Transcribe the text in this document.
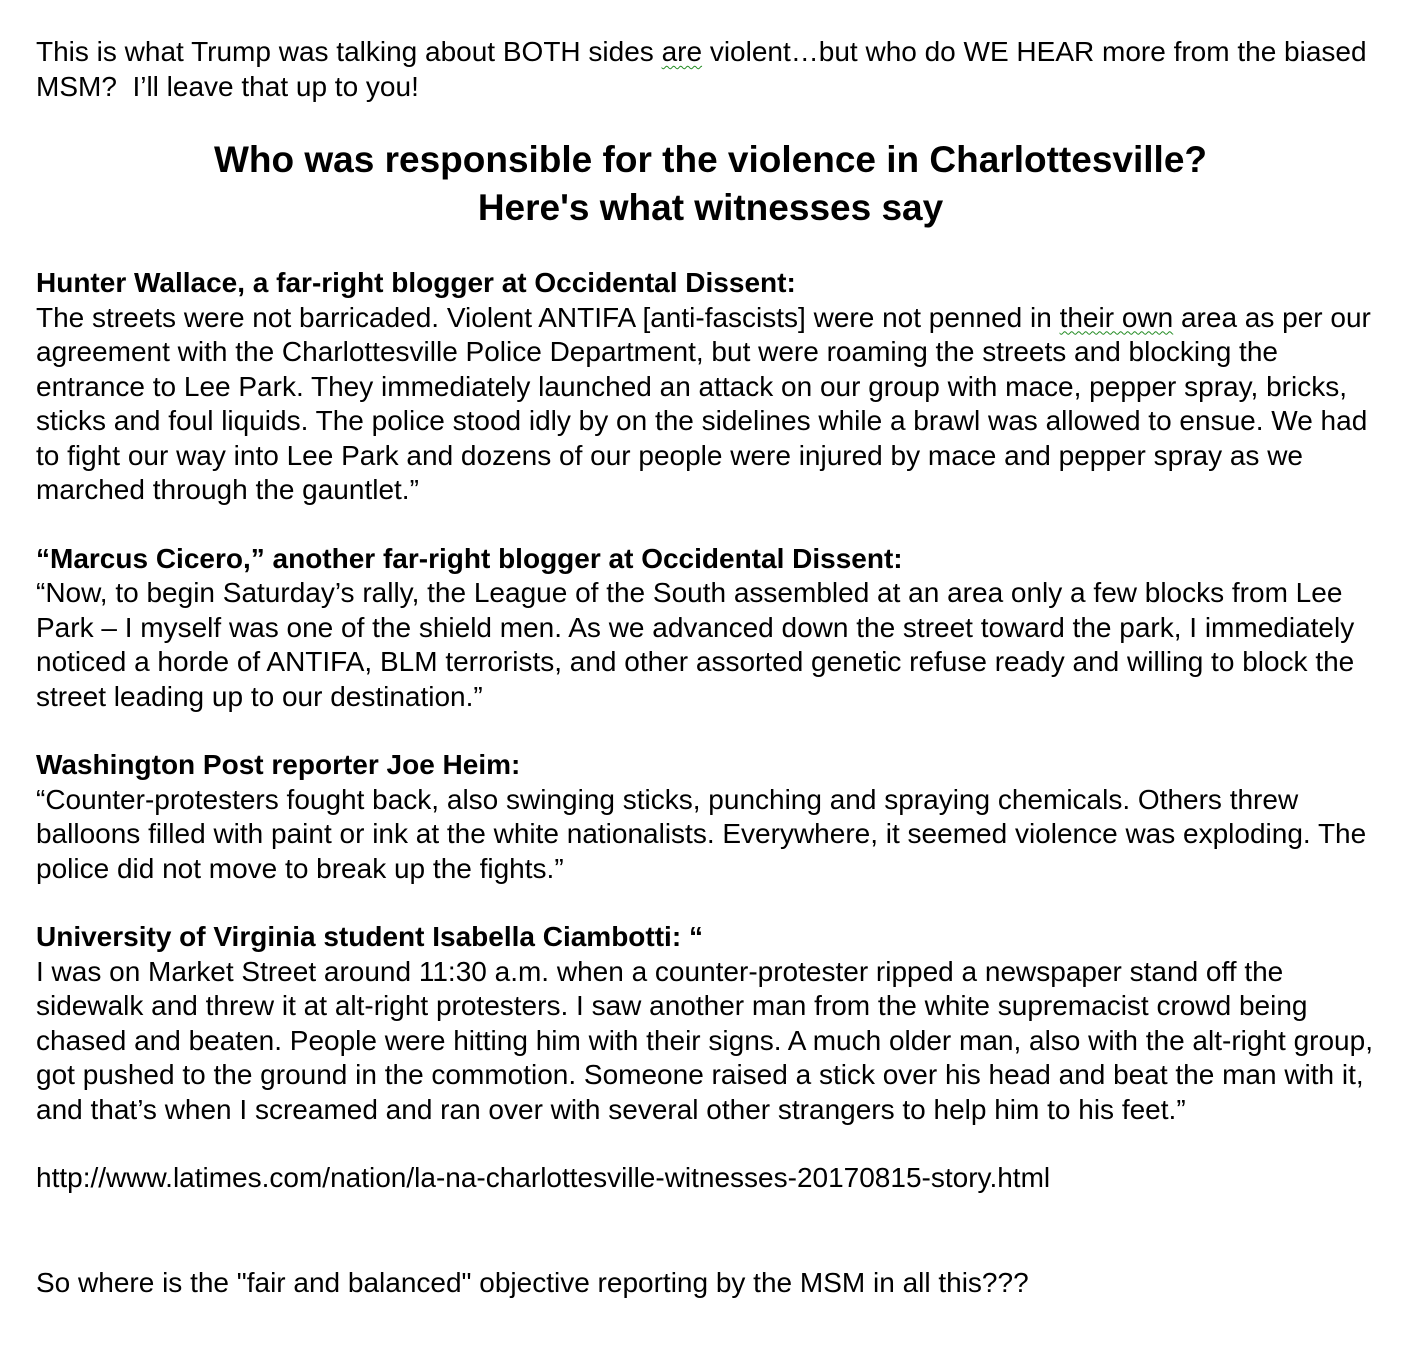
This is what Trump was talking about BOTH sides are violent…but who do WE HEAR more from the biased MSM?  I’ll leave that up to you!

Who was responsible for the violence in Charlottesville?
Here's what witnesses say

Hunter Wallace, a far-right blogger at Occidental Dissent:

The streets were not barricaded. Violent ANTIFA [anti-fascists] were not penned in their own area as per our agreement with the Charlottesville Police Department, but were roaming the streets and blocking the entrance to Lee Park. They immediately launched an attack on our group with mace, pepper spray, bricks, sticks and foul liquids. The police stood idly by on the sidelines while a brawl was allowed to ensue. We had to fight our way into Lee Park and dozens of our people were injured by mace and pepper spray as we marched through the gauntlet.”

“Marcus Cicero,” another far-right blogger at Occidental Dissent:

“Now, to begin Saturday’s rally, the League of the South assembled at an area only a few blocks from Lee Park – I myself was one of the shield men. As we advanced down the street toward the park, I immediately noticed a horde of ANTIFA, BLM terrorists, and other assorted genetic refuse ready and willing to block the street leading up to our destination.”

Washington Post reporter Joe Heim:

“Counter-protesters fought back, also swinging sticks, punching and spraying chemicals. Others threw balloons filled with paint or ink at the white nationalists. Everywhere, it seemed violence was exploding. The police did not move to break up the fights.”

University of Virginia student Isabella Ciambotti: “

I was on Market Street around 11:30 a.m. when a counter-protester ripped a newspaper stand off the sidewalk and threw it at alt-right protesters. I saw another man from the white supremacist crowd being chased and beaten. People were hitting him with their signs. A much older man, also with the alt-right group, got pushed to the ground in the commotion. Someone raised a stick over his head and beat the man with it, and that’s when I screamed and ran over with several other strangers to help him to his feet.”

http://www.latimes.com/nation/la-na-charlottesville-witnesses-20170815-story.html

So where is the "fair and balanced" objective reporting by the MSM in all this???
